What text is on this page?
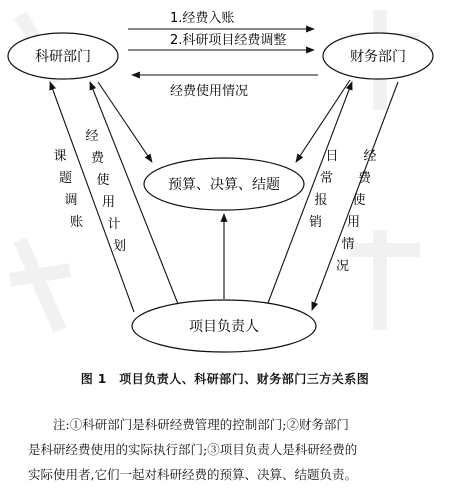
科研部门	财务部门
预算、决算、结题
项目负责人
1.经费入账
2.科研项目经费调整
经费使用情况
课
题
调
账
经
费
使
用
计
划
日
常
报
销
经
费
使
用
情
况
图 1　项目负责人、科研部门、财务部门三方关系图
注:①科研部门是科研经费管理的控制部门;②财务部门
是科研经费使用的实际执行部门;③项目负责人是科研经费的
实际使用者,它们一起对科研经费的预算、决算、结题负责。
